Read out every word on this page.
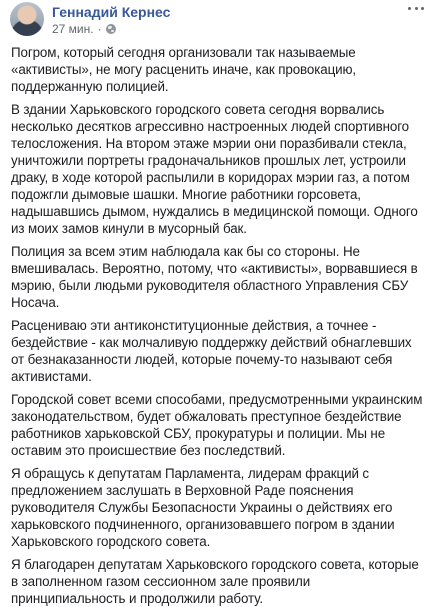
Геннадий Кернес
27 мин. ·

Погром, который сегодня организовали так называемые «активисты», не могу расценить иначе, как провокацию, поддержанную полицией.

В здании Харьковского городского совета сегодня ворвались несколько десятков агрессивно настроенных людей спортивного телосложения. На втором этаже мэрии они поразбивали стекла, уничтожили портреты градоначальников прошлых лет, устроили драку, в ходе которой распылили в коридорах мэрии газ, а потом подожгли дымовые шашки. Многие работники горсовета, надышавшись дымом, нуждались в медицинской помощи. Одного из моих замов кинули в мусорный бак.

Полиция за всем этим наблюдала как бы со стороны. Не вмешивалась. Вероятно, потому, что «активисты», ворвавшиеся в мэрию, были людьми руководителя областного Управления СБУ Носача.

Расцениваю эти антиконституционные действия, а точнее - бездействие - как молчаливую поддержку действий обнаглевших от безнаказанности людей, которые почему-то называют себя активистами.

Городской совет всеми способами, предусмотренными украинским законодательством, будет обжаловать преступное бездействие работников харьковской СБУ, прокуратуры и полиции. Мы не оставим это происшествие без последствий.

Я обращусь к депутатам Парламента, лидерам фракций с предложением заслушать в Верховной Раде пояснения руководителя Службы Безопасности Украины о действиях его харьковского подчиненного, организовавшего погром в здании Харьковского городского совета.

Я благодарен депутатам Харьковского городского совета, которые в заполненном газом сессионном зале проявили принципиальность и продолжили работу.
